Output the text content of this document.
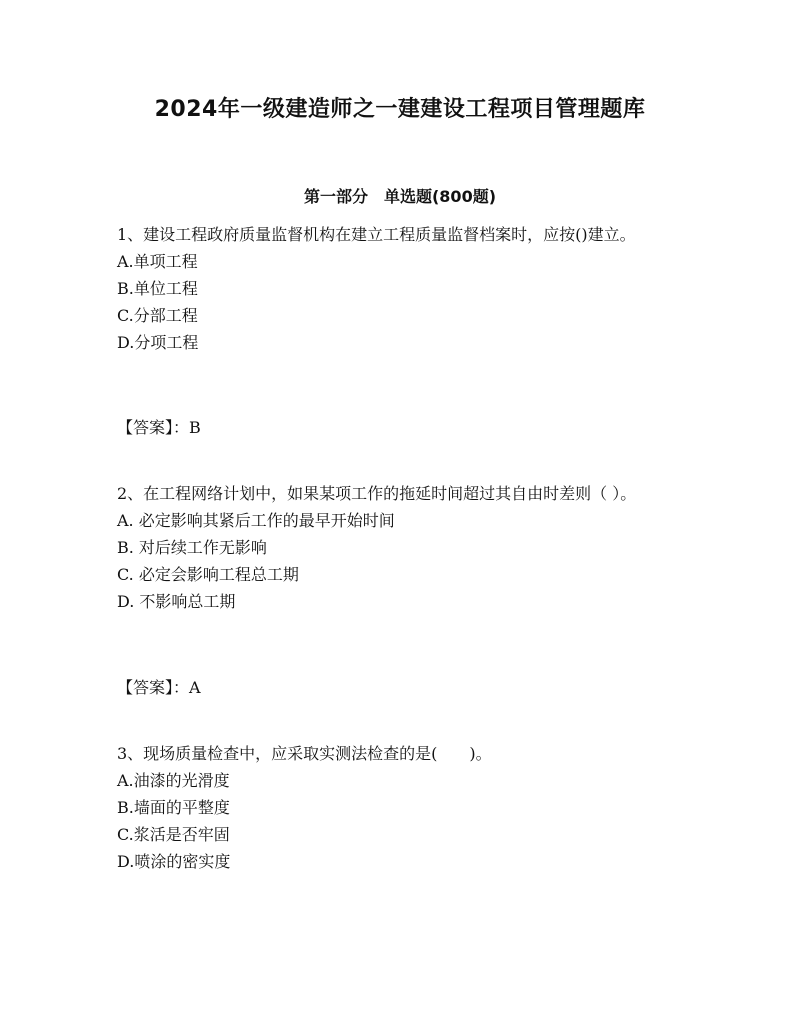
2024年一级建造师之一建建设工程项目管理题库
第一部分　单选题(800题)

1、建设工程政府质量监督机构在建立工程质量监督档案时，应按()建立。

A.单项工程
B.单位工程
C.分部工程
D.分项工程
【答案】：B

2、在工程网络计划中，如果某项工作的拖延时间超过其自由时差则（ ）。

A. 必定影响其紧后工作的最早开始时间
B. 对后续工作无影响
C. 必定会影响工程总工期
D. 不影响总工期
【答案】：A

3、现场质量检查中，应采取实测法检查的是(　　)。

A.油漆的光滑度
B.墙面的平整度
C.浆活是否牢固
D.喷涂的密实度
